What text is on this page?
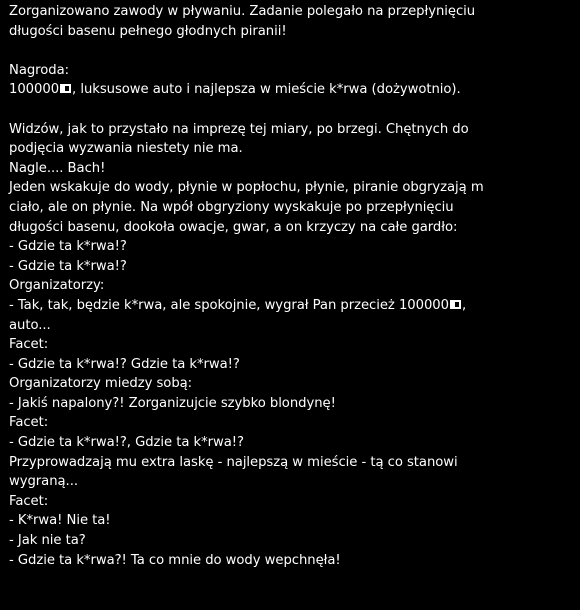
Zorganizowano zawody w pływaniu. Zadanie polegało na przepłynięciu
długości basenu pełnego głodnych piranii!
Nagroda:
100000 , luksusowe auto i najlepsza w mieście k*rwa (dożywotnio).
Widzów, jak to przystało na imprezę tej miary, po brzegi. Chętnych do
podjęcia wyzwania niestety nie ma.
Nagle.... Bach!
Jeden wskakuje do wody, płynie w popłochu, płynie, piranie obgryzają m
ciało, ale on płynie. Na wpół obgryziony wyskakuje po przepłynięciu
długości basenu, dookoła owacje, gwar, a on krzyczy na całe gardło:
- Gdzie ta k*rwa!?
- Gdzie ta k*rwa!?
Organizatorzy:
- Tak, tak, będzie k*rwa, ale spokojnie, wygrał Pan przecież 100000 ,
auto...
Facet:
- Gdzie ta k*rwa!? Gdzie ta k*rwa!?
Organizatorzy miedzy sobą:
- Jakiś napalony?! Zorganizujcie szybko blondynę!
Facet:
- Gdzie ta k*rwa!?, Gdzie ta k*rwa!?
Przyprowadzają mu extra laskę - najlepszą w mieście - tą co stanowi
wygraną...
Facet:
- K*rwa! Nie ta!
- Jak nie ta?
- Gdzie ta k*rwa?! Ta co mnie do wody wepchnęła!
